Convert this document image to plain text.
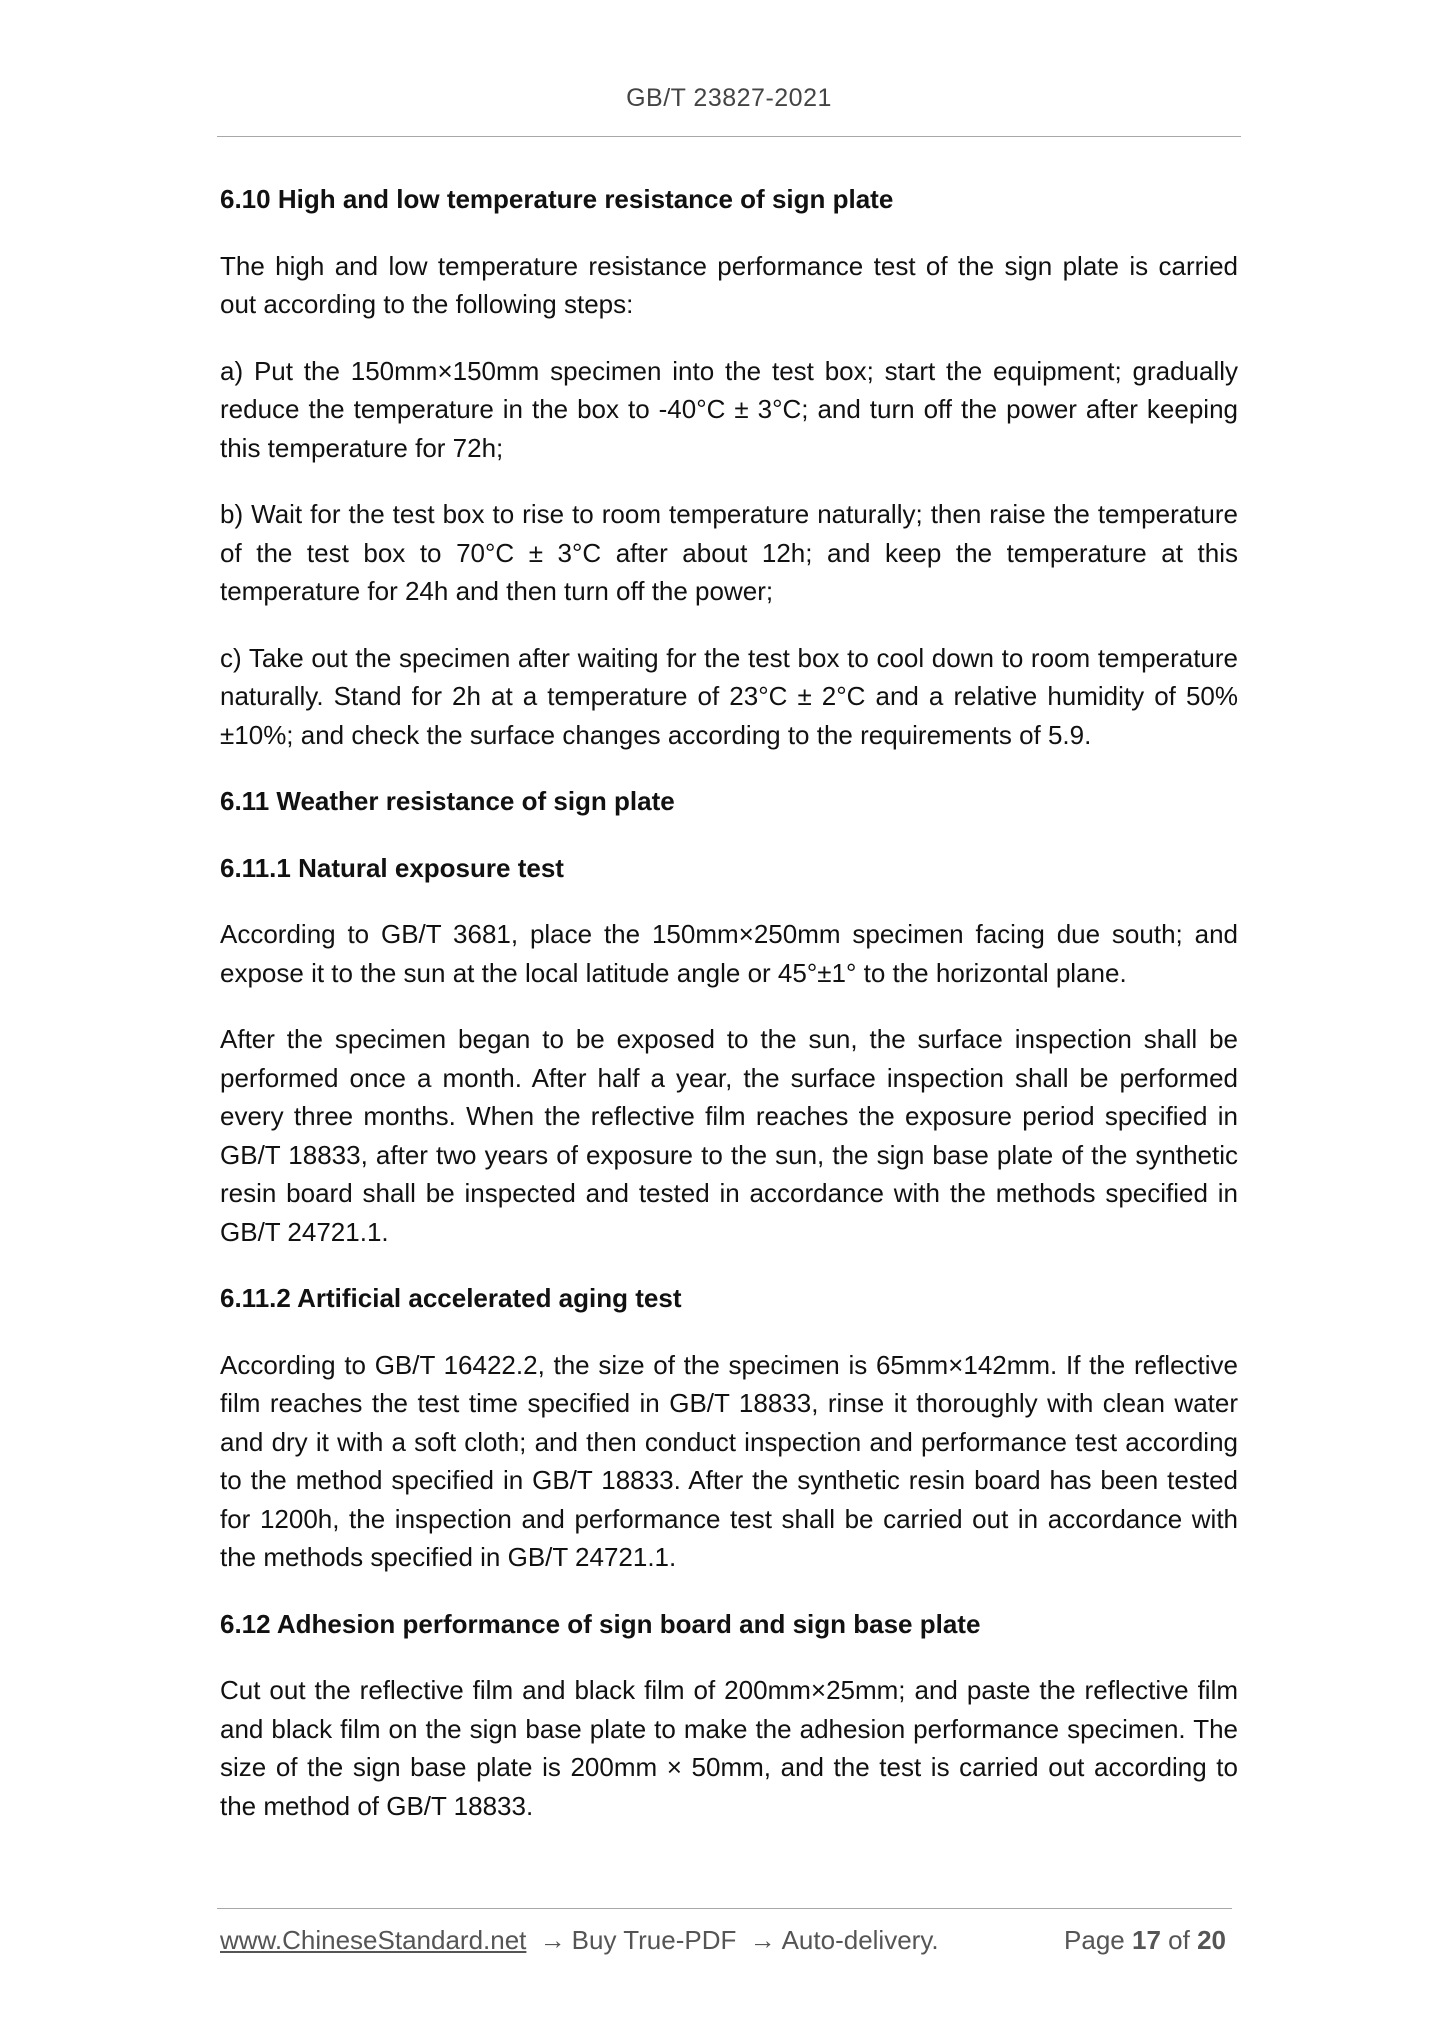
GB/T 23827-2021
6.10 High and low temperature resistance of sign plate

The high and low temperature resistance performance test of the sign plate is carried out according to the following steps:

a) Put the 150mm×150mm specimen into the test box; start the equipment; gradually reduce the temperature in the box to -40°C ± 3°C; and turn off the power after keeping this temperature for 72h;

b) Wait for the test box to rise to room temperature naturally; then raise the temperature of the test box to 70°C ± 3°C after about 12h; and keep the temperature at this temperature for 24h and then turn off the power;

c) Take out the specimen after waiting for the test box to cool down to room temperature naturally. Stand for 2h at a temperature of 23°C ± 2°C and a relative humidity of 50%±10%; and check the surface changes according to the requirements of 5.9.

6.11 Weather resistance of sign plate
6.11.1 Natural exposure test

According to GB/T 3681, place the 150mm×250mm specimen facing due south; and expose it to the sun at the local latitude angle or 45°±1° to the horizontal plane.

After the specimen began to be exposed to the sun, the surface inspection shall be performed once a month. After half a year, the surface inspection shall be performed every three months. When the reflective film reaches the exposure period specified in GB/T 18833, after two years of exposure to the sun, the sign base plate of the synthetic resin board shall be inspected and tested in accordance with the methods specified in GB/T 24721.1.

6.11.2 Artificial accelerated aging test

According to GB/T 16422.2, the size of the specimen is 65mm×142mm. If the reflective film reaches the test time specified in GB/T 18833, rinse it thoroughly with clean water and dry it with a soft cloth; and then conduct inspection and performance test according to the method specified in GB/T 18833. After the synthetic resin board has been tested for 1200h, the inspection and performance test shall be carried out in accordance with the methods specified in GB/T 24721.1.

6.12 Adhesion performance of sign board and sign base plate

Cut out the reflective film and black film of 200mm×25mm; and paste the reflective film and black film on the sign base plate to make the adhesion performance specimen. The size of the sign base plate is 200mm × 50mm, and the test is carried out according to the method of GB/T 18833.

www.ChineseStandard.net → Buy True-PDF → Auto-delivery.	Page 17 of 20
